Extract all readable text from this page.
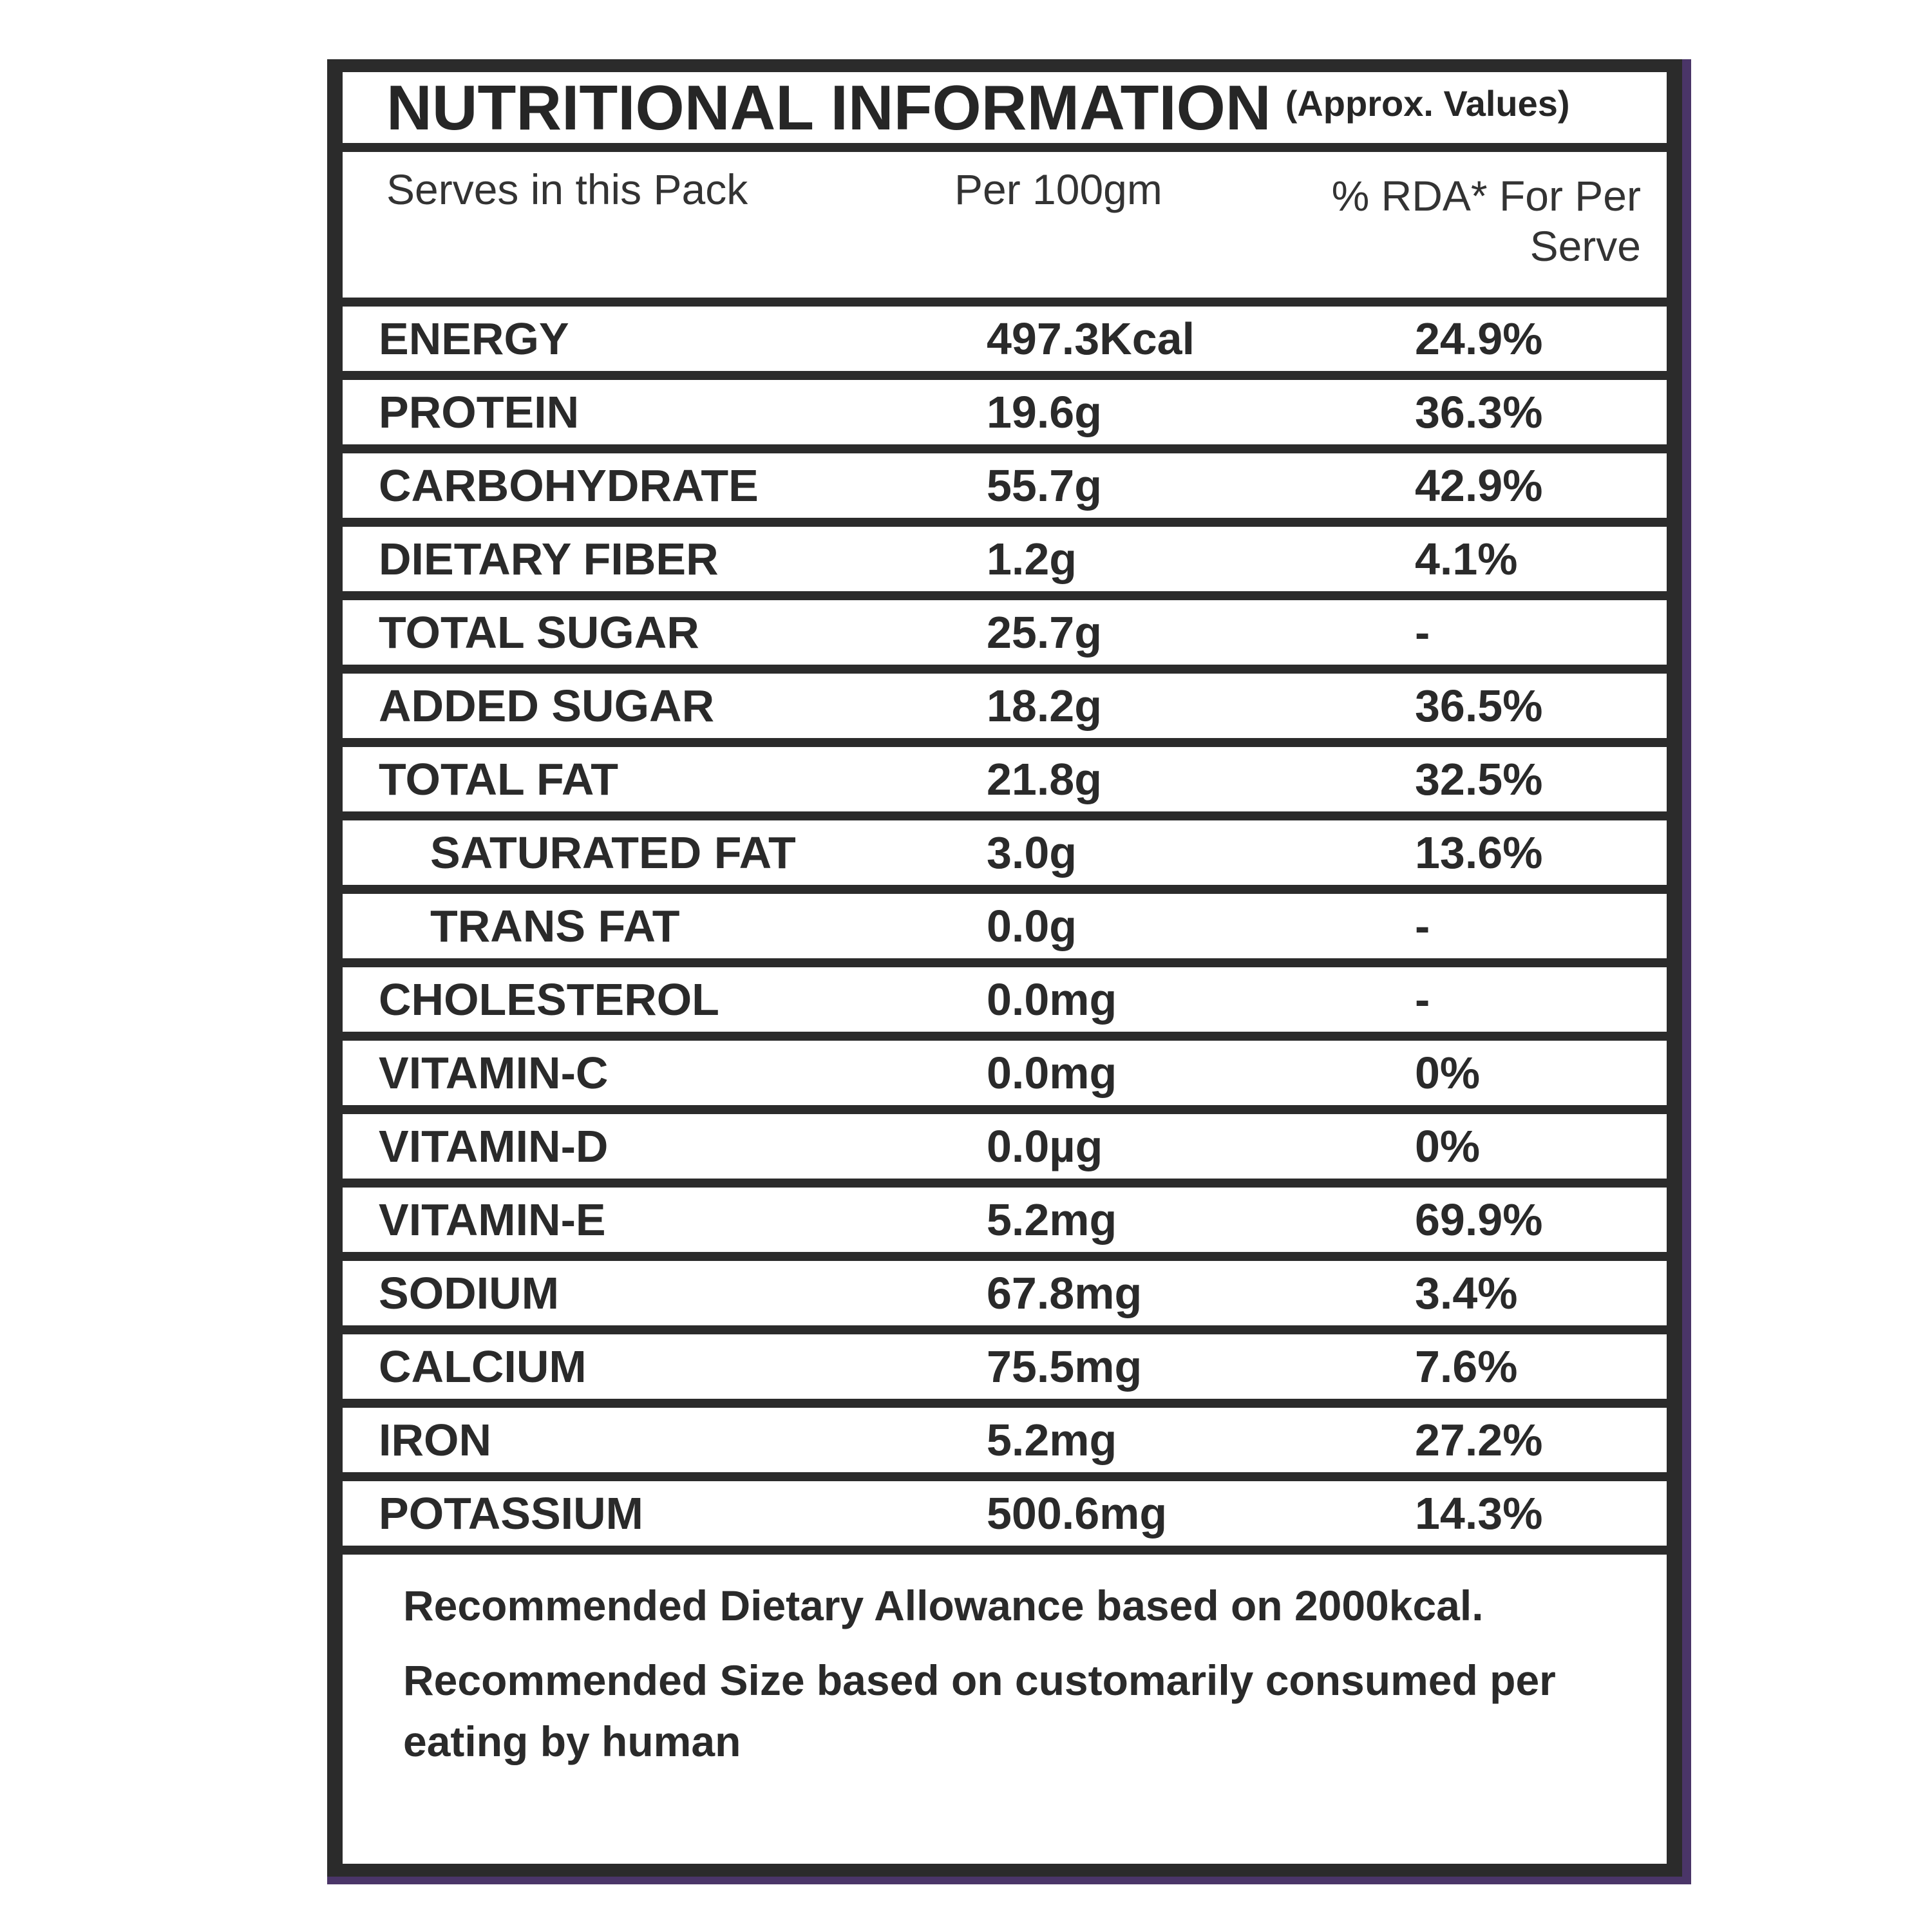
NUTRITIONAL INFORMATION (Approx. Values)
Serves in this Pack	Per 100gm	% RDA* For Per
Serve
ENERGY	497.3Kcal	24.9%
PROTEIN	19.6g	36.3%
CARBOHYDRATE	55.7g	42.9%
DIETARY FIBER	1.2g	4.1%
TOTAL SUGAR	25.7g	-
ADDED SUGAR	18.2g	36.5%
TOTAL FAT	21.8g	32.5%
SATURATED FAT	3.0g	13.6%
TRANS FAT	0.0g	-
CHOLESTEROL	0.0mg	-
VITAMIN-C	0.0mg	0%
VITAMIN-D	0.0µg	0%
VITAMIN-E	5.2mg	69.9%
SODIUM	67.8mg	3.4%
CALCIUM	75.5mg	7.6%
IRON	5.2mg	27.2%
POTASSIUM	500.6mg	14.3%

Recommended Dietary Allowance based on 2000kcal.

Recommended Size based on customarily consumed per eating by human
